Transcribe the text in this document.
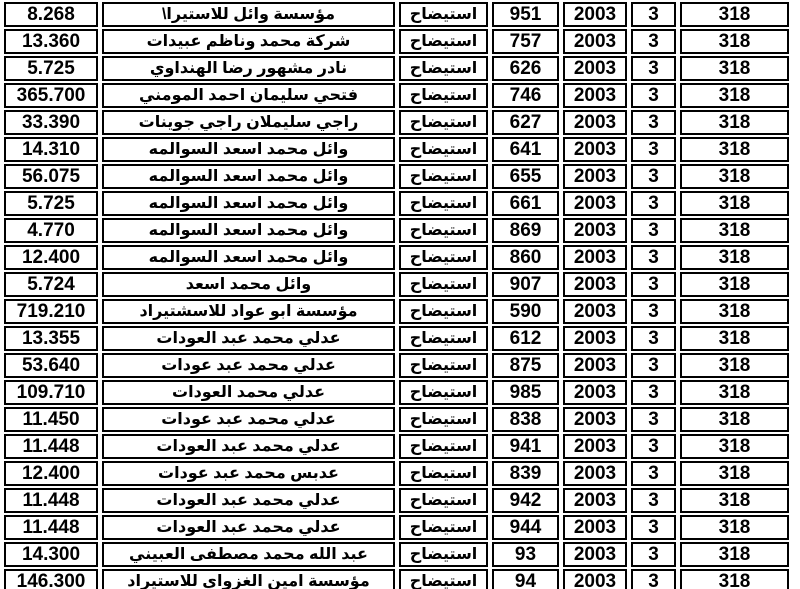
8.268	مؤسسة وائل للاستيرا\	استيضاح	951	2003	3	318
13.360	شركة محمد وناظم عبيدات	استيضاح	757	2003	3	318
5.725	نادر مشهور رضا الهنداوي	استيضاح	626	2003	3	318
365.700	فتحي سليمان احمد المومني	استيضاح	746	2003	3	318
33.390	راجي سليملان راجي جوينات	استيضاح	627	2003	3	318
14.310	وائل محمد اسعد السوالمه	استيضاح	641	2003	3	318
56.075	وائل محمد اسعد السوالمه	استيضاح	655	2003	3	318
5.725	وائل محمد اسعد السوالمه	استيضاح	661	2003	3	318
4.770	وائل محمد اسعد السوالمه	استيضاح	869	2003	3	318
12.400	وائل محمد اسعد السوالمه	استيضاح	860	2003	3	318
5.724	وائل محمد اسعد	استيضاح	907	2003	3	318
719.210	مؤسسة ابو عواد للاسشتيراد	استيضاح	590	2003	3	318
13.355	عدلي محمد عبد العودات	استيضاح	612	2003	3	318
53.640	عدلي محمد عبد عودات	استيضاح	875	2003	3	318
109.710	عدلي محمد العودات	استيضاح	985	2003	3	318
11.450	عدلي محمد عبد عودات	استيضاح	838	2003	3	318
11.448	عدلي محمد عبد العودات	استيضاح	941	2003	3	318
12.400	عدبس محمد عبد عودات	استيضاح	839	2003	3	318
11.448	عدلي محمد عبد العودات	استيضاح	942	2003	3	318
11.448	عدلي محمد عبد العودات	استيضاح	944	2003	3	318
14.300	عبد الله محمد مصطفى العبيني	استيضاح	93	2003	3	318
146.300	مؤسسة امين الغزواي للاستيراد	استيضاح	94	2003	3	318
